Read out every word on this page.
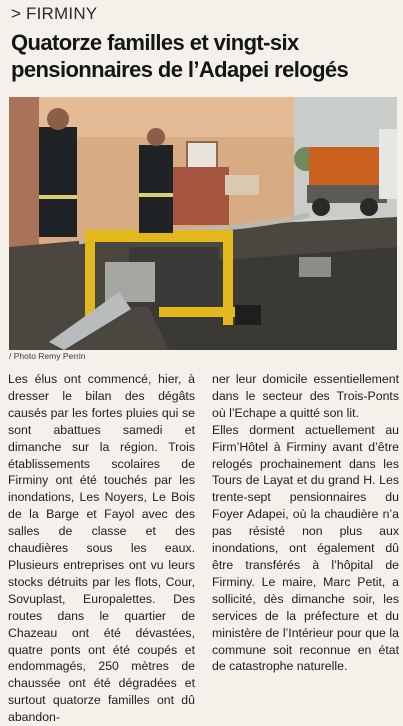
> FIRMINY
Quatorze familles et vingt-six
pensionnaires de l’Adapei relogés
/ Photo Remy Perrin

Les élus ont commencé, hier, à dresser le bilan des dégâts causés par les fortes pluies qui se sont abattues samedi et dimanche sur la région. Trois établissements scolaires de Firminy ont été touchés par les inondations, Les Noyers, Le Bois de la Barge et Fayol avec des salles de classe et des chaudières sous les eaux. Plusieurs entreprises ont vu leurs stocks détruits par les flots, Cour, Sovuplast, Europalettes. Des routes dans le quartier de Chazeau ont été dévastées, quatre ponts ont été coupés et endommagés, 250 mètres de chaussée ont été dégradées et surtout quatorze familles ont dû abandon-

ner leur domicile essentiellement dans le secteur des Trois-Ponts où l’Echape a quitté son lit.

Elles dorment actuellement au Firm’Hôtel à Firminy avant d’être relogés prochainement dans les Tours de Layat et du grand H. Les trente-sept pensionnaires du Foyer Adapei, où la chaudière n’a pas résisté non plus aux inondations, ont également dû être transférés à l’hôpital de Firminy. Le maire, Marc Petit, a sollicité, dès dimanche soir, les services de la préfecture et du ministère de l’Intérieur pour que la commune soit reconnue en état de catastrophe naturelle.
